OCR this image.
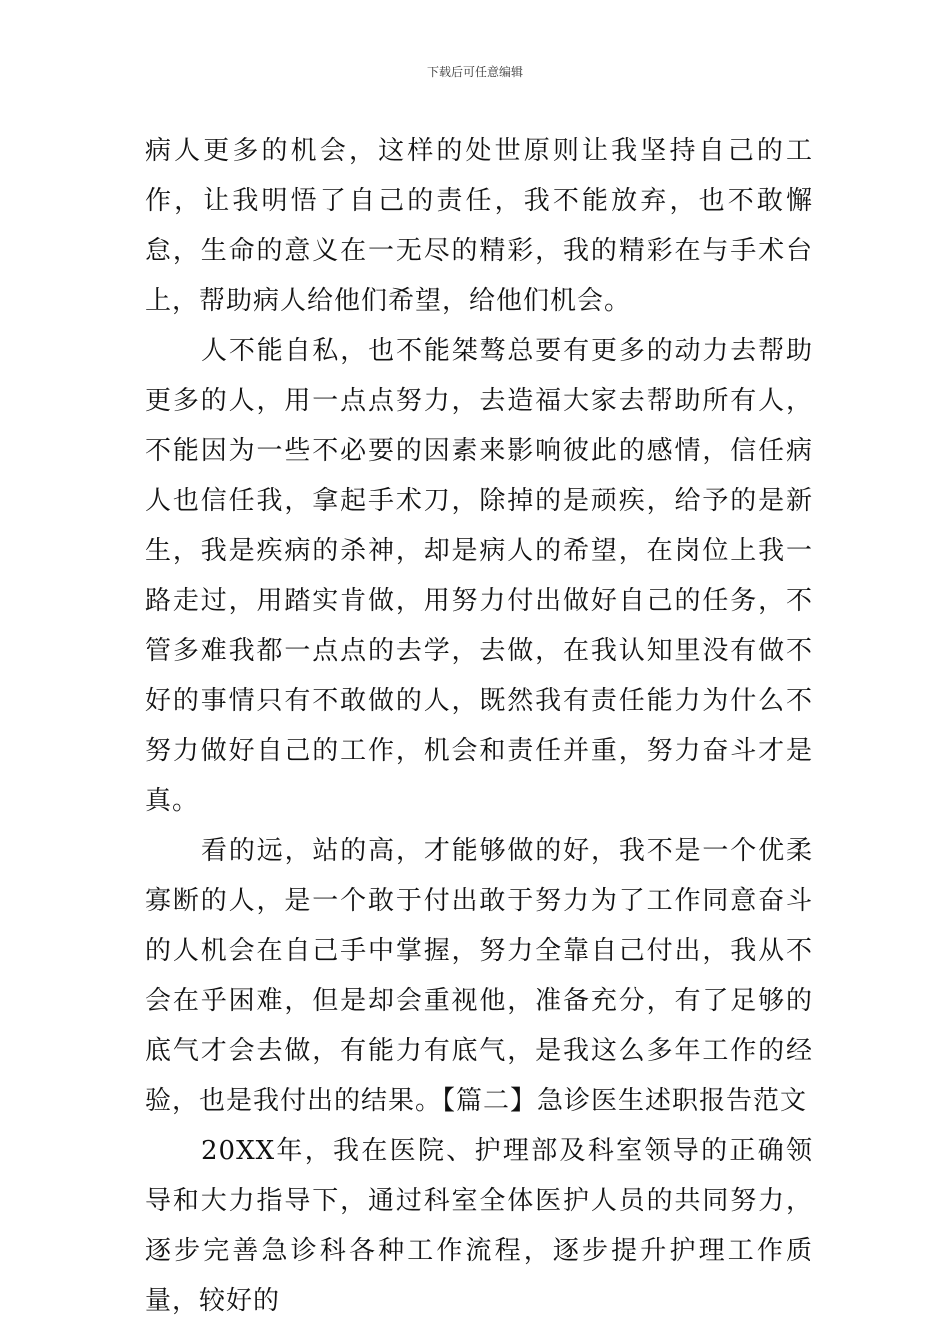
下载后可任意编辑

病人更多的机会，这样的处世原则让我坚持自己的工作，让我明悟了自己的责任，我不能放弃，也不敢懈怠，生命的意义在一无尽的精彩，我的精彩在与手术台上，帮助病人给他们希望，给他们机会。

人不能自私，也不能桀骜总要有更多的动力去帮助更多的人，用一点点努力，去造福大家去帮助所有人，不能因为一些不必要的因素来影响彼此的感情，信任病人也信任我，拿起手术刀，除掉的是顽疾，给予的是新生，我是疾病的杀神，却是病人的希望，在岗位上我一路走过，用踏实肯做，用努力付出做好自己的任务，不管多难我都一点点的去学，去做，在我认知里没有做不好的事情只有不敢做的人，既然我有责任能力为什么不努力做好自己的工作，机会和责任并重，努力奋斗才是真。

看的远，站的高，才能够做的好，我不是一个优柔寡断的人，是一个敢于付出敢于努力为了工作同意奋斗的人机会在自己手中掌握，努力全靠自己付出，我从不会在乎困难，但是却会重视他，准备充分，有了足够的底气才会去做，有能力有底气，是我这么多年工作的经验，也是我付出的结果。【篇二】急诊医生述职报告范文

20XX年，我在医院、护理部及科室领导的正确领导和大力指导下，通过科室全体医护人员的共同努力，逐步完善急诊科各种工作流程，逐步提升护理工作质量，较好的
